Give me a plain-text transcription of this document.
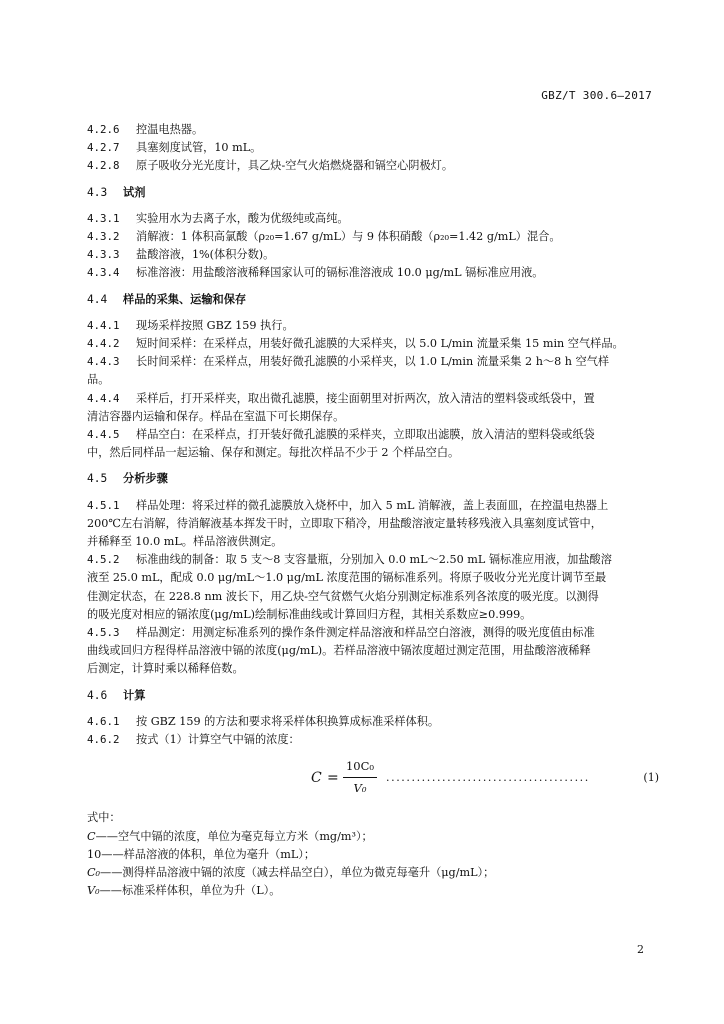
GBZ/T 300.6—2017
4.2.6	控温电热器。
4.2.7	具塞刻度试管，10 mL。
4.2.8	原子吸收分光光度计，具乙炔-空气火焰燃烧器和镉空心阴极灯。
4.3	试剂
4.3.1	实验用水为去离子水，酸为优级纯或高纯。
4.3.2	消解液：1 体积高氯酸（ρ₂₀=1.67 g/mL）与 9 体积硝酸（ρ₂₀=1.42 g/mL）混合。
4.3.3	盐酸溶液，1%(体积分数)。
4.3.4	标准溶液：用盐酸溶液稀释国家认可的镉标准溶液成 10.0 μg/mL 镉标准应用液。
4.4	样品的采集、运输和保存
4.4.1	现场采样按照 GBZ 159 执行。
4.4.2	短时间采样：在采样点，用装好微孔滤膜的大采样夹，以 5.0 L/min 流量采集 15 min 空气样品。
4.4.3	长时间采样：在采样点，用装好微孔滤膜的小采样夹，以 1.0 L/min 流量采集 2 h～8 h 空气样
品。
4.4.4	采样后，打开采样夹，取出微孔滤膜，接尘面朝里对折两次，放入清洁的塑料袋或纸袋中，置
清洁容器内运输和保存。样品在室温下可长期保存。
4.4.5	样品空白：在采样点，打开装好微孔滤膜的采样夹，立即取出滤膜，放入清洁的塑料袋或纸袋
中，然后同样品一起运输、保存和测定。每批次样品不少于 2 个样品空白。
4.5	分析步骤
4.5.1	样品处理：将采过样的微孔滤膜放入烧杯中，加入 5 mL 消解液，盖上表面皿，在控温电热器上
200℃左右消解，待消解液基本挥发干时，立即取下稍冷，用盐酸溶液定量转移残液入具塞刻度试管中，
并稀释至 10.0 mL。样品溶液供测定。
4.5.2	标准曲线的制备：取 5 支～8 支容量瓶，分别加入 0.0 mL～2.50 mL 镉标准应用液，加盐酸溶
液至 25.0 mL，配成 0.0 μg/mL～1.0 μg/mL 浓度范围的镉标准系列。将原子吸收分光光度计调节至最
佳测定状态，在 228.8 nm 波长下，用乙炔-空气贫燃气火焰分别测定标准系列各浓度的吸光度。以测得
的吸光度对相应的镉浓度(μg/mL)绘制标准曲线或计算回归方程，其相关系数应≥0.999。
4.5.3	样品测定：用测定标准系列的操作条件测定样品溶液和样品空白溶液，测得的吸光度值由标准
曲线或回归方程得样品溶液中镉的浓度(μg/mL)。若样品溶液中镉浓度超过测定范围，用盐酸溶液稀释
后测定，计算时乘以稀释倍数。
4.6	计算
4.6.1	按 GBZ 159 的方法和要求将采样体积换算成标准采样体积。
4.6.2	按式（1）计算空气中镉的浓度：
$C = \frac{\text{10C₀}}{\text{V₀}}$ ........................................	(1)
式中：
C——空气中镉的浓度，单位为毫克每立方米（mg/m³）；
10——样品溶液的体积，单位为毫升（mL）；
C₀——测得样品溶液中镉的浓度（减去样品空白），单位为微克每毫升（μg/mL）；
V₀——标准采样体积，单位为升（L）。
2
